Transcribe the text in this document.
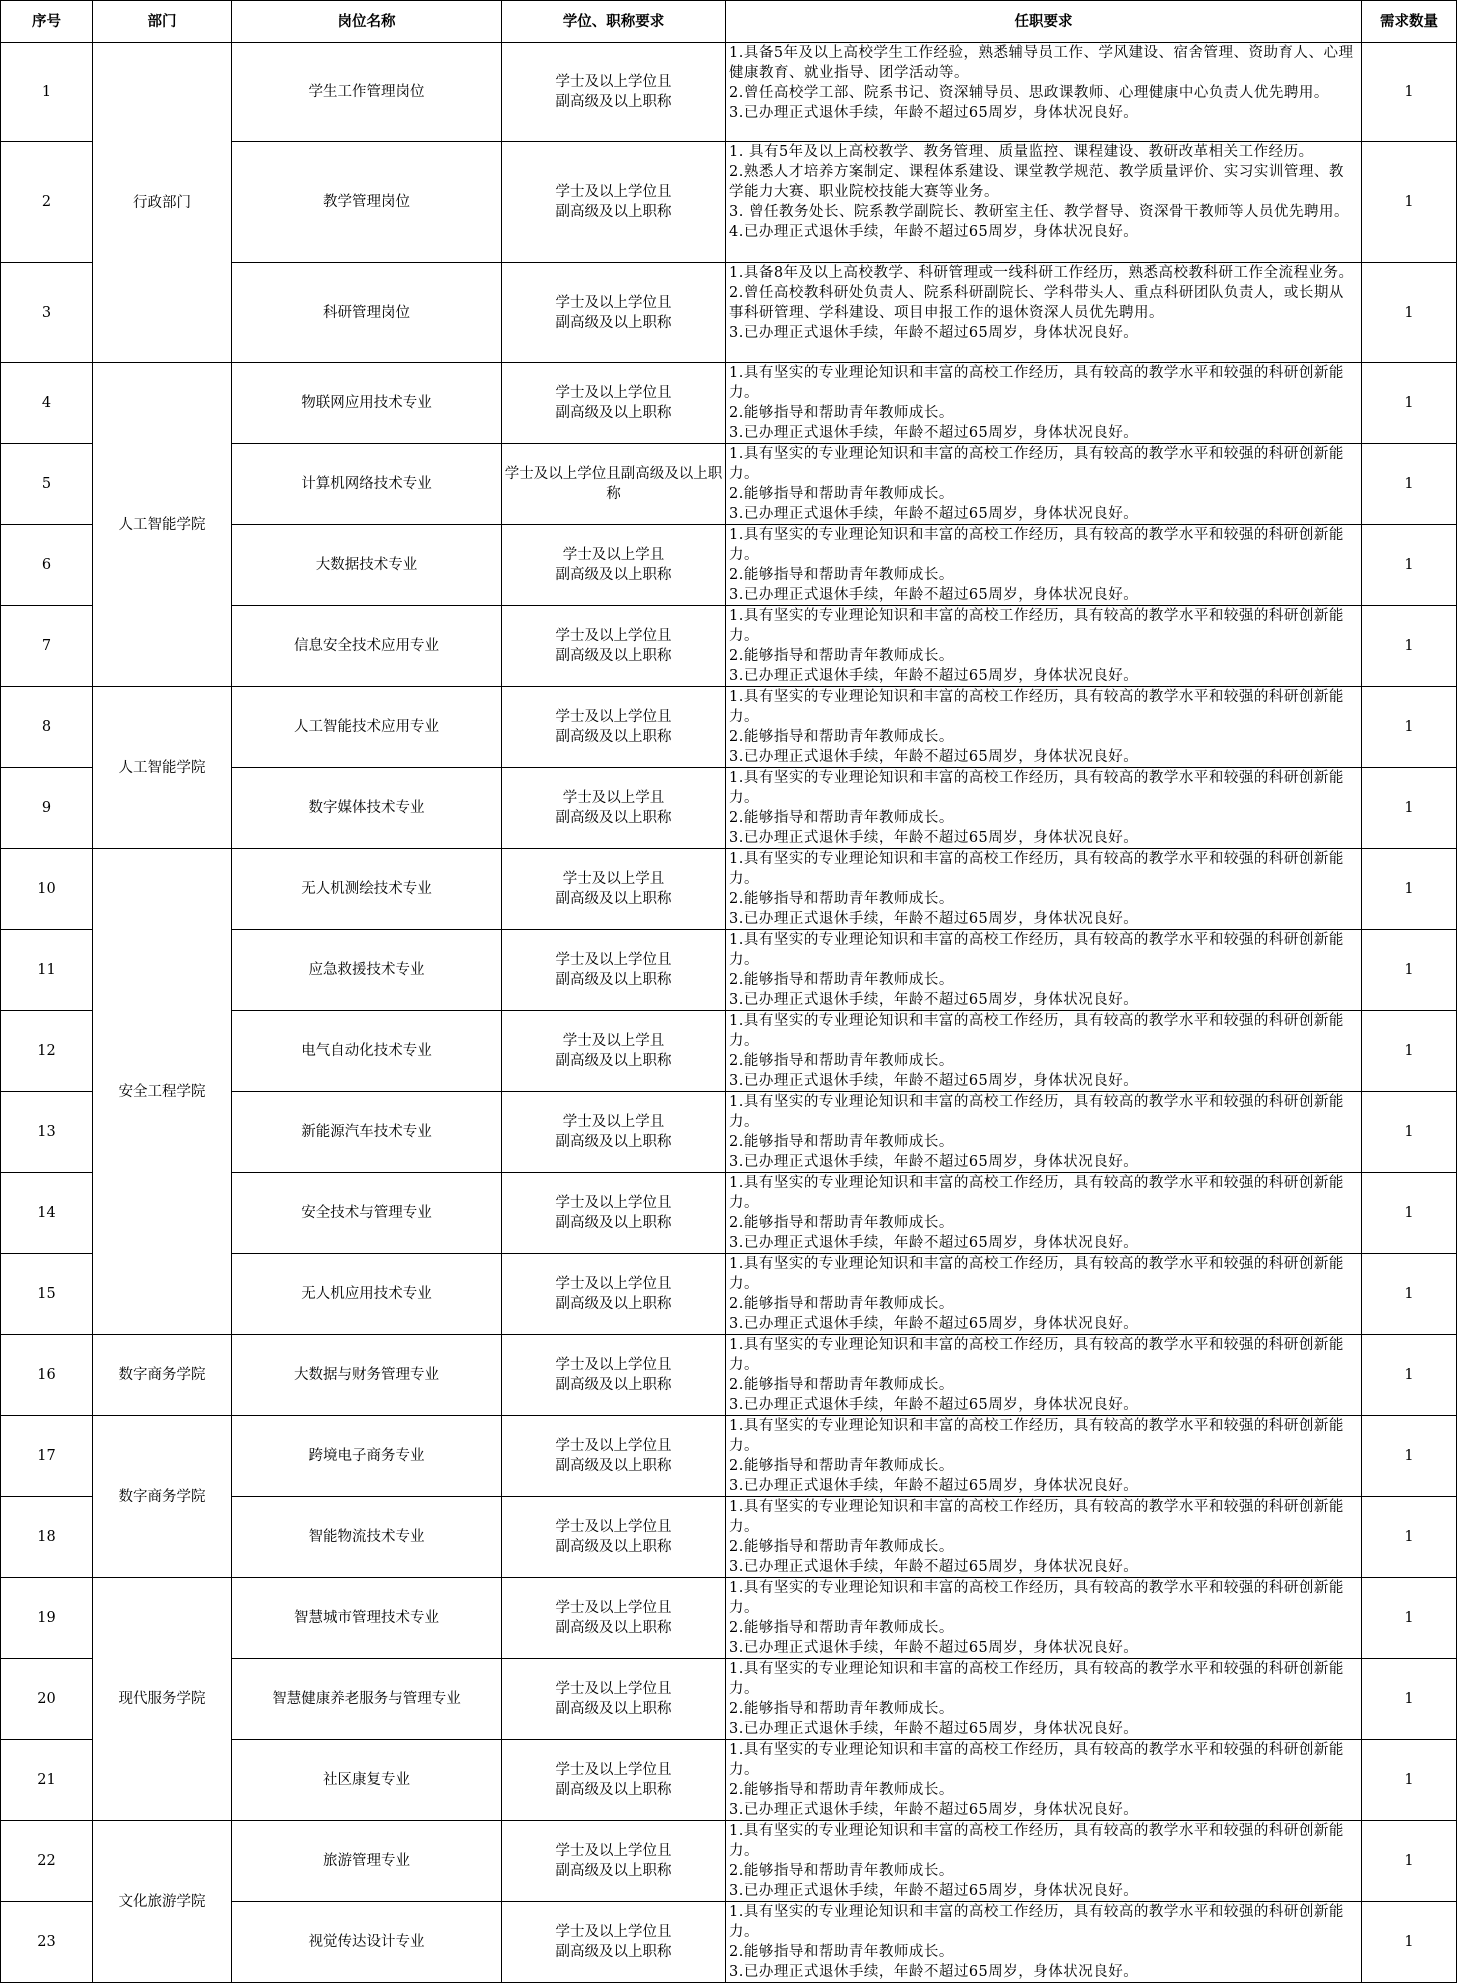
序号	部门	岗位名称	学位、职称要求	任职要求	需求数量
1	行政部门	学生工作管理岗位	学士及以上学位且
副高级及以上职称	1.具备5年及以上高校学生工作经验，熟悉辅导员工作、学风建设、宿舍管理、资助育人、心理健康教育、就业指导、团学活动等。
2.曾任高校学工部、院系书记、资深辅导员、思政课教师、心理健康中心负责人优先聘用。
3.已办理正式退休手续，年龄不超过65周岁，身体状况良好。	1
2		教学管理岗位	学士及以上学位且
副高级及以上职称	1. 具有5年及以上高校教学、教务管理、质量监控、课程建设、教研改革相关工作经历。
2.熟悉人才培养方案制定、课程体系建设、课堂教学规范、教学质量评价、实习实训管理、教学能力大赛、职业院校技能大赛等业务。
3. 曾任教务处长、院系教学副院长、教研室主任、教学督导、资深骨干教师等人员优先聘用。
4.已办理正式退休手续，年龄不超过65周岁，身体状况良好。	1
3		科研管理岗位	学士及以上学位且
副高级及以上职称	1.具备8年及以上高校教学、科研管理或一线科研工作经历，熟悉高校教科研工作全流程业务。
2.曾任高校教科研处负责人、院系科研副院长、学科带头人、重点科研团队负责人，或长期从事科研管理、学科建设、项目申报工作的退休资深人员优先聘用。
3.已办理正式退休手续，年龄不超过65周岁，身体状况良好。	1
4	人工智能学院	物联网应用技术专业	学士及以上学位且
副高级及以上职称	1.具有坚实的专业理论知识和丰富的高校工作经历，具有较高的教学水平和较强的科研创新能力。
2.能够指导和帮助青年教师成长。
3.已办理正式退休手续，年龄不超过65周岁，身体状况良好。	1
5		计算机网络技术专业	学士及以上学位且副高级及以上职称	1.具有坚实的专业理论知识和丰富的高校工作经历，具有较高的教学水平和较强的科研创新能力。
2.能够指导和帮助青年教师成长。
3.已办理正式退休手续，年龄不超过65周岁，身体状况良好。	1
6		大数据技术专业	学士及以上学且
副高级及以上职称	1.具有坚实的专业理论知识和丰富的高校工作经历，具有较高的教学水平和较强的科研创新能力。
2.能够指导和帮助青年教师成长。
3.已办理正式退休手续，年龄不超过65周岁，身体状况良好。	1
7		信息安全技术应用专业	学士及以上学位且
副高级及以上职称	1.具有坚实的专业理论知识和丰富的高校工作经历，具有较高的教学水平和较强的科研创新能力。
2.能够指导和帮助青年教师成长。
3.已办理正式退休手续，年龄不超过65周岁，身体状况良好。	1
8	人工智能学院	人工智能技术应用专业	学士及以上学位且
副高级及以上职称	1.具有坚实的专业理论知识和丰富的高校工作经历，具有较高的教学水平和较强的科研创新能力。
2.能够指导和帮助青年教师成长。
3.已办理正式退休手续，年龄不超过65周岁，身体状况良好。	1
9		数字媒体技术专业	学士及以上学且
副高级及以上职称	1.具有坚实的专业理论知识和丰富的高校工作经历，具有较高的教学水平和较强的科研创新能力。
2.能够指导和帮助青年教师成长。
3.已办理正式退休手续，年龄不超过65周岁，身体状况良好。	1
10	安全工程学院	无人机测绘技术专业	学士及以上学且
副高级及以上职称	1.具有坚实的专业理论知识和丰富的高校工作经历，具有较高的教学水平和较强的科研创新能力。
2.能够指导和帮助青年教师成长。
3.已办理正式退休手续，年龄不超过65周岁，身体状况良好。	1
11		应急救援技术专业	学士及以上学位且
副高级及以上职称	1.具有坚实的专业理论知识和丰富的高校工作经历，具有较高的教学水平和较强的科研创新能力。
2.能够指导和帮助青年教师成长。
3.已办理正式退休手续，年龄不超过65周岁，身体状况良好。	1
12		电气自动化技术专业	学士及以上学且
副高级及以上职称	1.具有坚实的专业理论知识和丰富的高校工作经历，具有较高的教学水平和较强的科研创新能力。
2.能够指导和帮助青年教师成长。
3.已办理正式退休手续，年龄不超过65周岁，身体状况良好。	1
13		新能源汽车技术专业	学士及以上学且
副高级及以上职称	1.具有坚实的专业理论知识和丰富的高校工作经历，具有较高的教学水平和较强的科研创新能力。
2.能够指导和帮助青年教师成长。
3.已办理正式退休手续，年龄不超过65周岁，身体状况良好。	1
14		安全技术与管理专业	学士及以上学位且
副高级及以上职称	1.具有坚实的专业理论知识和丰富的高校工作经历，具有较高的教学水平和较强的科研创新能力。
2.能够指导和帮助青年教师成长。
3.已办理正式退休手续，年龄不超过65周岁，身体状况良好。	1
15		无人机应用技术专业	学士及以上学位且
副高级及以上职称	1.具有坚实的专业理论知识和丰富的高校工作经历，具有较高的教学水平和较强的科研创新能力。
2.能够指导和帮助青年教师成长。
3.已办理正式退休手续，年龄不超过65周岁，身体状况良好。	1
16	数字商务学院	大数据与财务管理专业	学士及以上学位且
副高级及以上职称	1.具有坚实的专业理论知识和丰富的高校工作经历，具有较高的教学水平和较强的科研创新能力。
2.能够指导和帮助青年教师成长。
3.已办理正式退休手续，年龄不超过65周岁，身体状况良好。	1
17	数字商务学院	跨境电子商务专业	学士及以上学位且
副高级及以上职称	1.具有坚实的专业理论知识和丰富的高校工作经历，具有较高的教学水平和较强的科研创新能力。
2.能够指导和帮助青年教师成长。
3.已办理正式退休手续，年龄不超过65周岁，身体状况良好。	1
18		智能物流技术专业	学士及以上学位且
副高级及以上职称	1.具有坚实的专业理论知识和丰富的高校工作经历，具有较高的教学水平和较强的科研创新能力。
2.能够指导和帮助青年教师成长。
3.已办理正式退休手续，年龄不超过65周岁，身体状况良好。	1
19	现代服务学院	智慧城市管理技术专业	学士及以上学位且
副高级及以上职称	1.具有坚实的专业理论知识和丰富的高校工作经历，具有较高的教学水平和较强的科研创新能力。
2.能够指导和帮助青年教师成长。
3.已办理正式退休手续，年龄不超过65周岁，身体状况良好。	1
20		智慧健康养老服务与管理专业	学士及以上学位且
副高级及以上职称	1.具有坚实的专业理论知识和丰富的高校工作经历，具有较高的教学水平和较强的科研创新能力。
2.能够指导和帮助青年教师成长。
3.已办理正式退休手续，年龄不超过65周岁，身体状况良好。	1
21		社区康复专业	学士及以上学位且
副高级及以上职称	1.具有坚实的专业理论知识和丰富的高校工作经历，具有较高的教学水平和较强的科研创新能力。
2.能够指导和帮助青年教师成长。
3.已办理正式退休手续，年龄不超过65周岁，身体状况良好。	1
22	文化旅游学院	旅游管理专业	学士及以上学位且
副高级及以上职称	1.具有坚实的专业理论知识和丰富的高校工作经历，具有较高的教学水平和较强的科研创新能力。
2.能够指导和帮助青年教师成长。
3.已办理正式退休手续，年龄不超过65周岁，身体状况良好。	1
23		视觉传达设计专业	学士及以上学位且
副高级及以上职称	1.具有坚实的专业理论知识和丰富的高校工作经历，具有较高的教学水平和较强的科研创新能力。
2.能够指导和帮助青年教师成长。
3.已办理正式退休手续，年龄不超过65周岁，身体状况良好。	1
